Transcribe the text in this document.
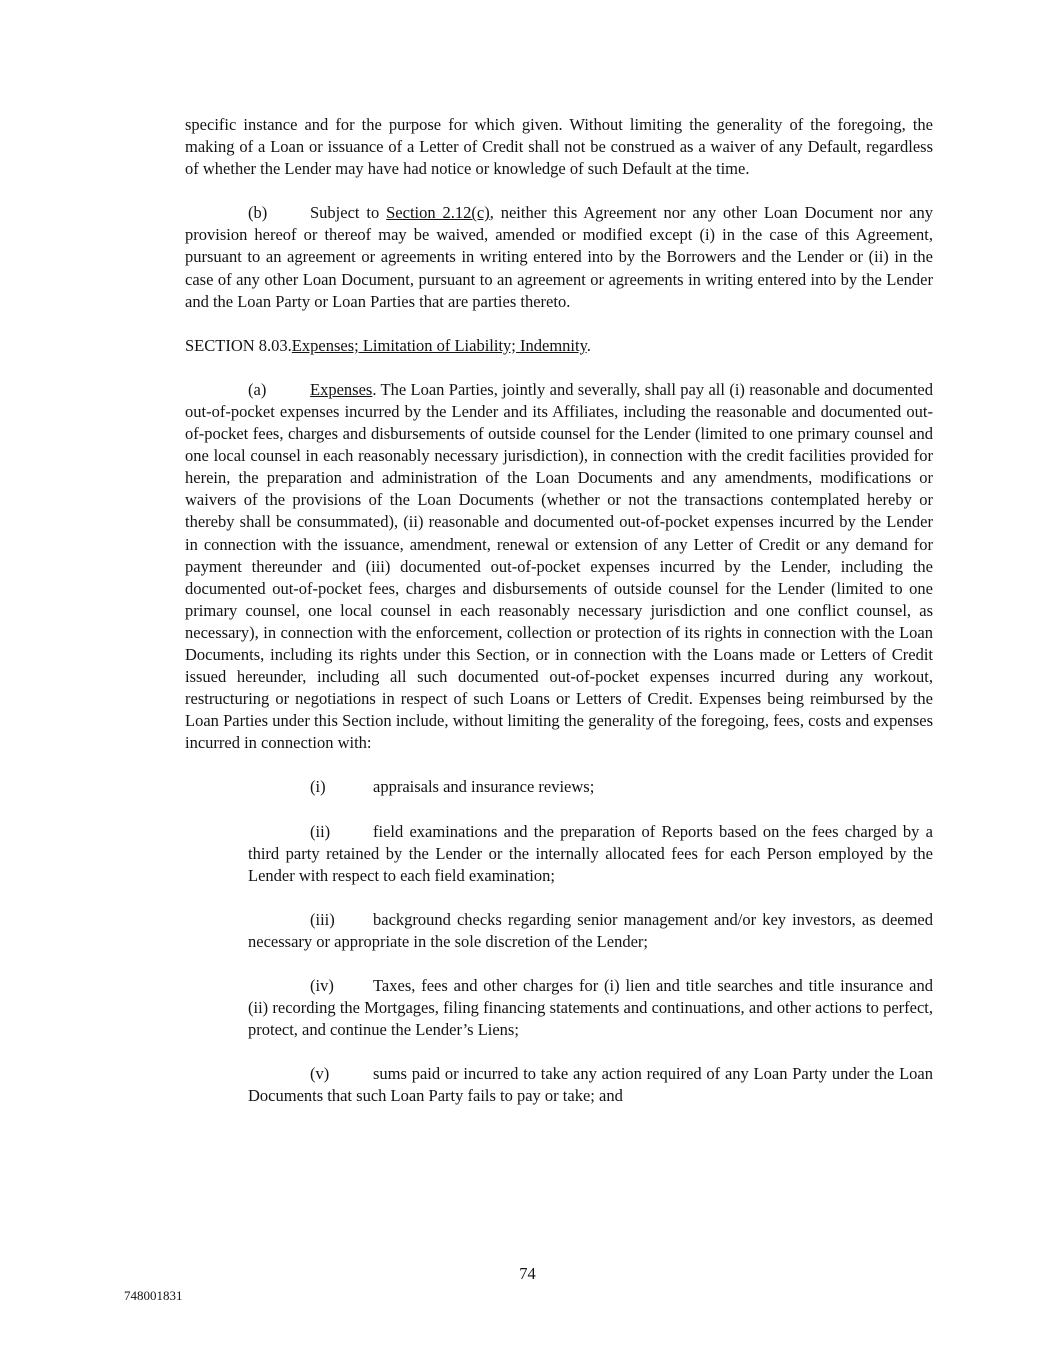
specific instance and for the purpose for which given. Without limiting the generality of the foregoing, the making of a Loan or issuance of a Letter of Credit shall not be construed as a waiver of any Default, regardless of whether the Lender may have had notice or knowledge of such Default at the time.

(b)	Subject to Section 2.12(c), neither this Agreement nor any other Loan Document nor any provision hereof or thereof may be waived, amended or modified except (i) in the case of this Agreement, pursuant to an agreement or agreements in writing entered into by the Borrowers and the Lender or (ii) in the case of any other Loan Document, pursuant to an agreement or agreements in writing entered into by the Lender and the Loan Party or Loan Parties that are parties thereto.

SECTION 8.03.Expenses; Limitation of Liability; Indemnity.

(a)	Expenses. The Loan Parties, jointly and severally, shall pay all (i) reasonable and documented out-of-pocket expenses incurred by the Lender and its Affiliates, including the reasonable and documented out-of-pocket fees, charges and disbursements of outside counsel for the Lender (limited to one primary counsel and one local counsel in each reasonably necessary jurisdiction), in connection with the credit facilities provided for herein, the preparation and administration of the Loan Documents and any amendments, modifications or waivers of the provisions of the Loan Documents (whether or not the transactions contemplated hereby or thereby shall be consummated), (ii) reasonable and documented out-of-pocket expenses incurred by the Lender in connection with the issuance, amendment, renewal or extension of any Letter of Credit or any demand for payment thereunder and (iii) documented out-of-pocket expenses incurred by the Lender, including the documented out-of-pocket fees, charges and disbursements of outside counsel for the Lender (limited to one primary counsel, one local counsel in each reasonably necessary jurisdiction and one conflict counsel, as necessary), in connection with the enforcement, collection or protection of its rights in connection with the Loan Documents, including its rights under this Section, or in connection with the Loans made or Letters of Credit issued hereunder, including all such documented out-of-pocket expenses incurred during any workout, restructuring or negotiations in respect of such Loans or Letters of Credit. Expenses being reimbursed by the Loan Parties under this Section include, without limiting the generality of the foregoing, fees, costs and expenses incurred in connection with:

(i)	appraisals and insurance reviews;

(ii)	field examinations and the preparation of Reports based on the fees charged by a third party retained by the Lender or the internally allocated fees for each Person employed by the Lender with respect to each field examination;

(iii) background checks regarding senior management and/or key investors, as deemed necessary or appropriate in the sole discretion of the Lender;

(iv) Taxes, fees and other charges for (i) lien and title searches and title insurance and (ii) recording the Mortgages, filing financing statements and continuations, and other actions to perfect, protect, and continue the Lender’s Liens;

(v)	sums paid or incurred to take any action required of any Loan Party under the Loan Documents that such Loan Party fails to pay or take; and

74
748001831
